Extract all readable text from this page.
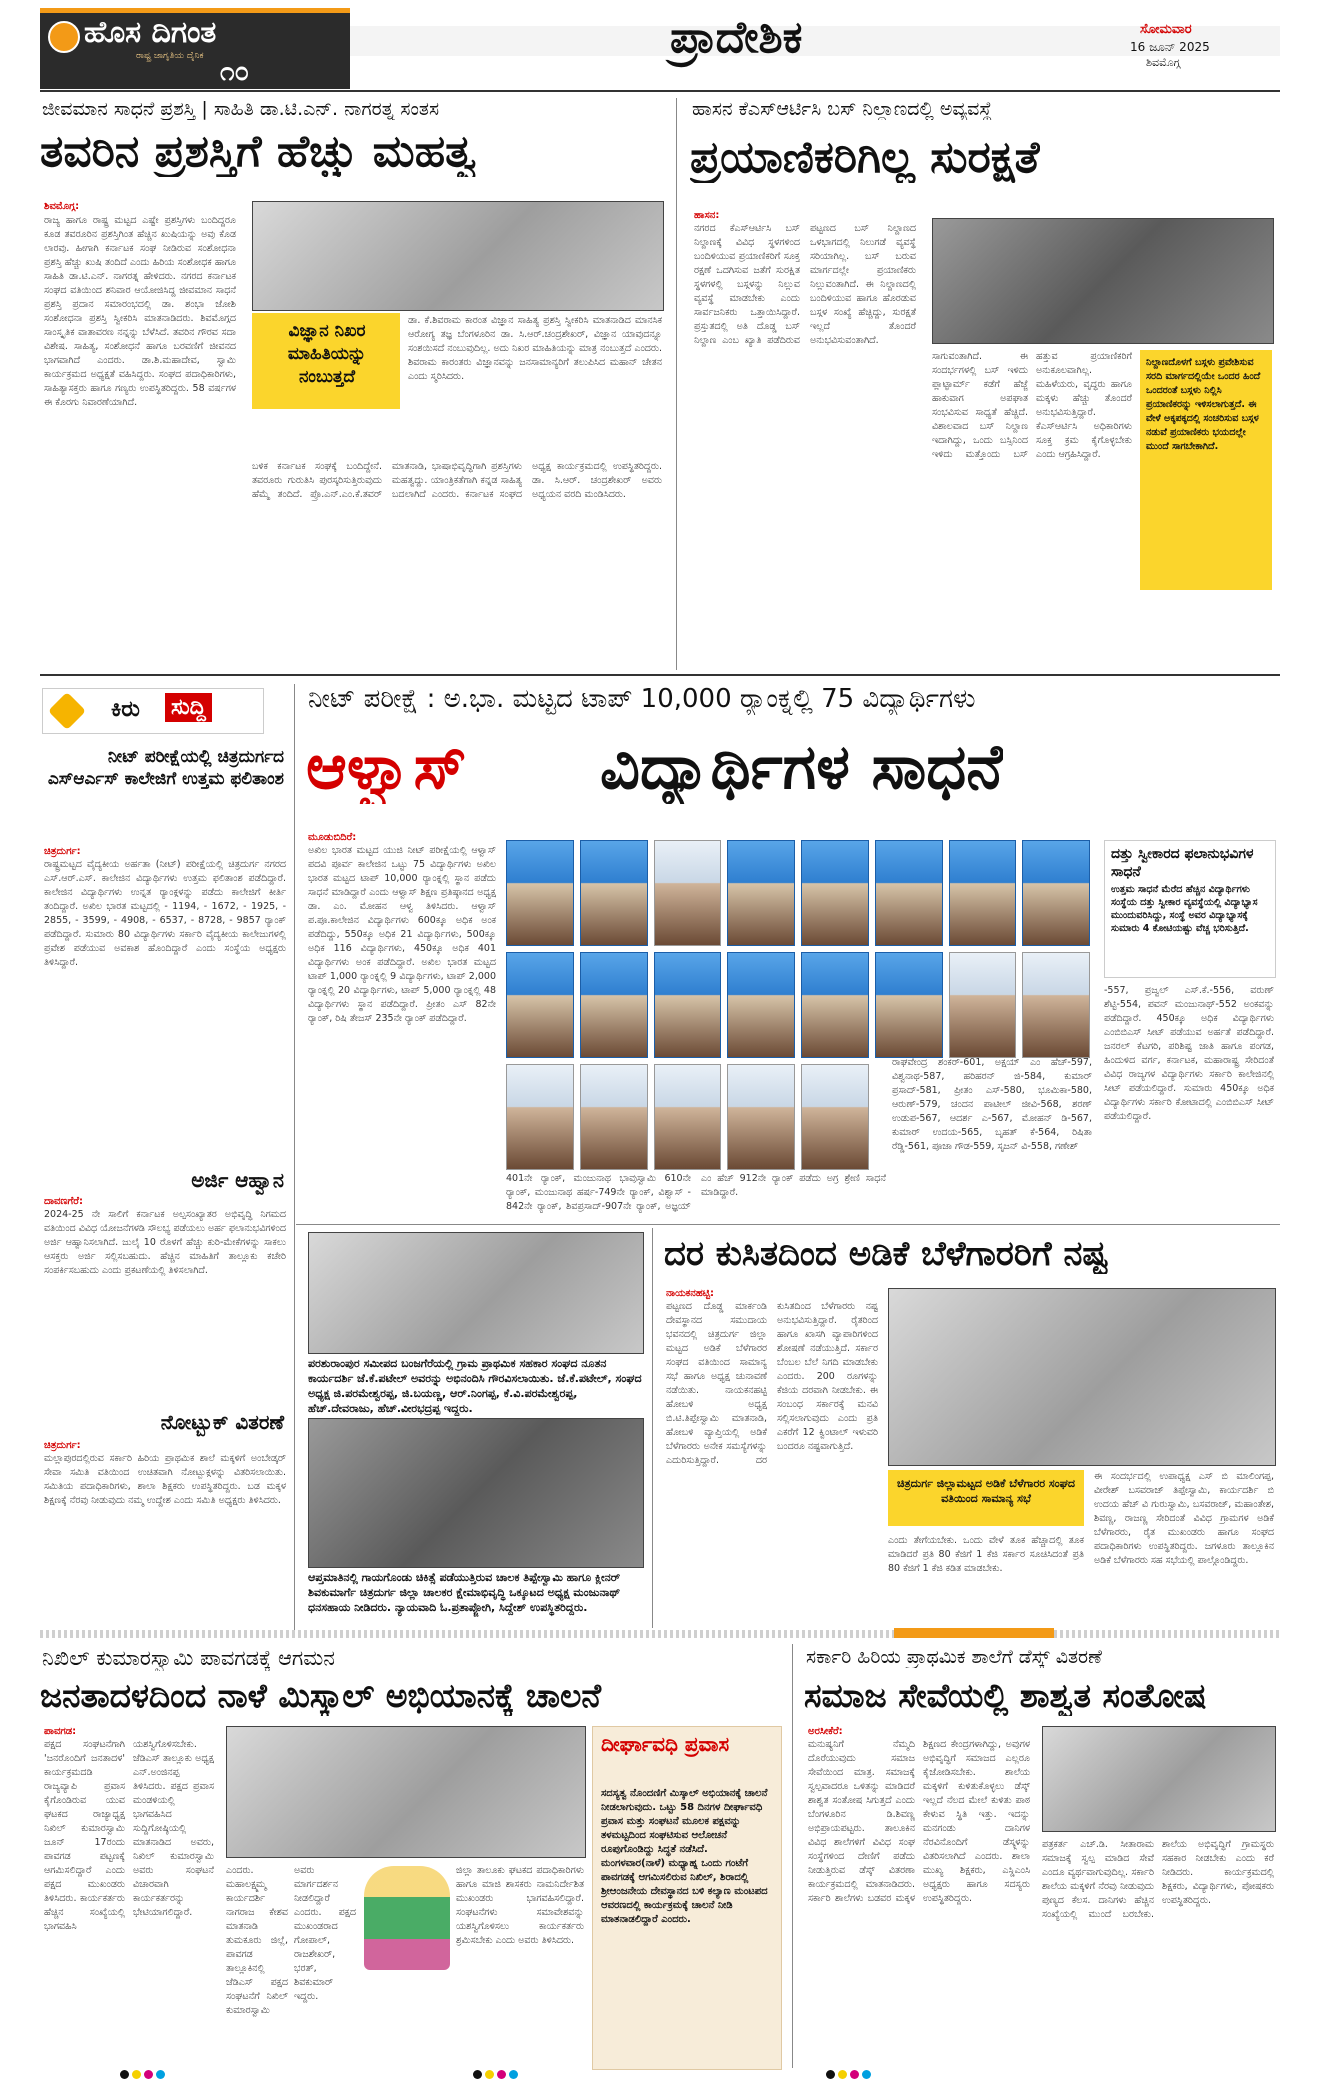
ಹೊಸ ದಿಗಂತ
ರಾಷ್ಟ್ರ ಜಾಗೃತಿಯ ದೈನಿಕ
೧೦
ಪ್ರಾದೇಶಿಕ	ಸೋಮವಾರ
16 ಜೂನ್ 2025
ಶಿವಮೊಗ್ಗ
ಜೀವಮಾನ ಸಾಧನೆ ಪ್ರಶಸ್ತಿ | ಸಾಹಿತಿ ಡಾ.ಟಿ.ಎನ್. ನಾಗರತ್ನ ಸಂತಸ
ತವರಿನ ಪ್ರಶಸ್ತಿಗೆ ಹೆಚ್ಚು ಮಹತ್ವ
ಶಿವಮೊಗ್ಗ:
ರಾಜ್ಯ ಹಾಗೂ ರಾಷ್ಟ್ರ ಮಟ್ಟದ ಎಷ್ಟೇ ಪ್ರಶಸ್ತಿಗಳು ಬಂದಿದ್ದರೂ ಕೂಡ ತವರೂರಿನ ಪ್ರಶಸ್ತಿಗಿಂತ ಹೆಚ್ಚಿನ ಖುಷಿಯನ್ನು ಅವು ಕೊಡ ಲಾರವು. ಹೀಗಾಗಿ ಕರ್ನಾಟಕ ಸಂಘ ನೀಡಿರುವ ಸಂಶೋಧನಾ ಪ್ರಶಸ್ತಿ ಹೆಚ್ಚು ಖುಷಿ ತಂದಿದೆ ಎಂದು ಹಿರಿಯ ಸಂಶೋಧಕ ಹಾಗೂ ಸಾಹಿತಿ ಡಾ.ಟಿ.ಎನ್. ನಾಗರತ್ನ ಹೇಳಿದರು. ನಗರದ ಕರ್ನಾಟಕ ಸಂಘದ ವತಿಯಿಂದ ಶನಿವಾರ ಆಯೋಜಿಸಿದ್ದ ಜೀವಮಾನ ಸಾಧನೆ ಪ್ರಶಸ್ತಿ ಪ್ರದಾನ ಸಮಾರಂಭದಲ್ಲಿ ಡಾ. ಶಂಭಾ ಜೋಶಿ ಸಂಶೋಧನಾ ಪ್ರಶಸ್ತಿ ಸ್ವೀಕರಿಸಿ ಮಾತನಾಡಿದರು. ಶಿವಮೊಗ್ಗದ ಸಾಂಸ್ಕೃತಿಕ ವಾತಾವರಣ ನನ್ನನ್ನು ಬೆಳೆಸಿದೆ. ತವರಿನ ಗೌರವ ಸದಾ ವಿಶೇಷ. ಸಾಹಿತ್ಯ, ಸಂಶೋಧನೆ ಹಾಗೂ ಬರವಣಿಗೆ ಜೀವನದ ಭಾಗವಾಗಿದೆ ಎಂದರು. ಡಾ.ಶಿ.ಮಹಾದೇವ, ಸ್ವಾಮಿ ಕಾರ್ಯಕ್ರಮದ ಅಧ್ಯಕ್ಷತೆ ವಹಿಸಿದ್ದರು. ಸಂಘದ ಪದಾಧಿಕಾರಿಗಳು, ಸಾಹಿತ್ಯಾಸಕ್ತರು ಹಾಗೂ ಗಣ್ಯರು ಉಪಸ್ಥಿತರಿದ್ದರು. 58 ವರ್ಷಗಳ ಈ ಕೊರಗು ನಿವಾರಣೆಯಾಗಿದೆ.
ವಿಜ್ಞಾನ ನಿಖರ ಮಾಹಿತಿಯನ್ನು ನಂಬುತ್ತದೆ
ಡಾ. ಕೆ.ಶಿವರಾಮ ಕಾರಂತ ವಿಜ್ಞಾನ ಸಾಹಿತ್ಯ ಪ್ರಶಸ್ತಿ ಸ್ವೀಕರಿಸಿ ಮಾತನಾಡಿದ ಮಾನಸಿಕ ಆರೋಗ್ಯ ತಜ್ಞ ಬೆಂಗಳೂರಿನ ಡಾ. ಸಿ.ಆರ್.ಚಂದ್ರಶೇಖರ್, ವಿಜ್ಞಾನ ಯಾವುದನ್ನೂ ಸಂಶಯಿಸದೆ ನಂಬುವುದಿಲ್ಲ. ಅದು ನಿಖರ ಮಾಹಿತಿಯನ್ನು ಮಾತ್ರ ನಂಬುತ್ತದೆ ಎಂದರು. ಶಿವರಾಮ ಕಾರಂತರು ವಿಜ್ಞಾನವನ್ನು ಜನಸಾಮಾನ್ಯರಿಗೆ ತಲುಪಿಸಿದ ಮಹಾನ್ ಚೇತನ ಎಂದು ಸ್ಮರಿಸಿದರು.
ಬಳಿಕ ಕರ್ನಾಟಕ ಸಂಘಕ್ಕೆ ಬಂದಿದ್ದೇನೆ. ತವರೂರು ಗುರುತಿಸಿ ಪುರಸ್ಕರಿಸುತ್ತಿರುವುದು ಹೆಮ್ಮೆ ತಂದಿದೆ. ಪ್ರೊ.ಎನ್.ಎಂ.ಕೆ.ತವರ್ ಮಾತನಾಡಿ, ಭಾಷಾಭಿವೃದ್ಧಿಗಾಗಿ ಪ್ರಶಸ್ತಿಗಳು ಮಹತ್ವದ್ದು. ಯಾಂತ್ರಿಕತೆಗಾಗಿ ಕನ್ನಡ ಸಾಹಿತ್ಯ ಬದಲಾಗಿದೆ ಎಂದರು. ಕರ್ನಾಟಕ ಸಂಘದ ಅಧ್ಯಕ್ಷ ಕಾರ್ಯಕ್ರಮದಲ್ಲಿ ಉಪಸ್ಥಿತರಿದ್ದರು. ಡಾ. ಸಿ.ಆರ್. ಚಂದ್ರಶೇಖರ್ ಅವರು ಅಧ್ಯಯನ ವರದಿ ಮಂಡಿಸಿದರು.
ಹಾಸನ ಕೆಎಸ್ಆರ್ಟಿಸಿ ಬಸ್ ನಿಲ್ದಾಣದಲ್ಲಿ ಅವ್ಯವಸ್ಥೆ
ಪ್ರಯಾಣಿಕರಿಗಿಲ್ಲ ಸುರಕ್ಷತೆ
ಹಾಸನ:
ನಗರದ ಕೆಎಸ್ಆರ್ಟಿಸಿ ಬಸ್ ನಿಲ್ದಾಣಕ್ಕೆ ವಿವಿಧ ಸ್ಥಳಗಳಿಂದ ಬಂದಿಳಿಯುವ ಪ್ರಯಾಣಿಕರಿಗೆ ಸೂಕ್ತ ರಕ್ಷಣೆ ಒದಗಿಸುವ ಜತೆಗೆ ಸುರಕ್ಷಿತ ಸ್ಥಳಗಳಲ್ಲಿ ಬಸ್ಗಳನ್ನು ನಿಲ್ಲುವ ವ್ಯವಸ್ಥೆ ಮಾಡಬೇಕು ಎಂದು ಸಾರ್ವಜನಿಕರು ಒತ್ತಾಯಿಸಿದ್ದಾರೆ. ಪ್ರಸ್ತುತದಲ್ಲಿ ಅತಿ ದೊಡ್ಡ ಬಸ್ ನಿಲ್ದಾಣ ಎಂಬ ಖ್ಯಾತಿ ಪಡೆದಿರುವ ಪಟ್ಟಣದ ಬಸ್ ನಿಲ್ದಾಣದ ಒಳಭಾಗದಲ್ಲಿ ನಿಲುಗಡೆ ವ್ಯವಸ್ಥೆ ಸರಿಯಾಗಿಲ್ಲ. ಬಸ್ ಬರುವ ಮಾರ್ಗದಲ್ಲೇ ಪ್ರಯಾಣಿಕರು ನಿಲ್ಲುವಂತಾಗಿದೆ. ಈ ನಿಲ್ದಾಣದಲ್ಲಿ ಬಂದಿಳಿಯುವ ಹಾಗೂ ಹೊರಡುವ ಬಸ್ಗಳ ಸಂಖ್ಯೆ ಹೆಚ್ಚಿದ್ದು, ಸುರಕ್ಷತೆ ಇಲ್ಲದೆ ತೊಂದರೆ ಅನುಭವಿಸುವಂತಾಗಿದೆ.
ಸಾಗುವಂತಾಗಿದೆ. ಈ ಸಂದರ್ಭಗಳಲ್ಲಿ ಬಸ್ ಇಳಿದು ಪ್ಲಾಟ್ಫಾರ್ಮ್ ಕಡೆಗೆ ಹೆಜ್ಜೆ ಹಾಕುವಾಗ ಅಪಘಾತ ಸಂಭವಿಸುವ ಸಾಧ್ಯತೆ ಹೆಚ್ಚಿದೆ. ವಿಶಾಲವಾದ ಬಸ್ ನಿಲ್ದಾಣ ಇದಾಗಿದ್ದು, ಒಂದು ಬಸ್ಸಿನಿಂದ ಇಳಿದು ಮತ್ತೊಂದು ಬಸ್ ಹತ್ತುವ ಪ್ರಯಾಣಿಕರಿಗೆ ಅನುಕೂಲವಾಗಿಲ್ಲ. ಮಹಿಳೆಯರು, ವೃದ್ಧರು ಹಾಗೂ ಮಕ್ಕಳು ಹೆಚ್ಚು ತೊಂದರೆ ಅನುಭವಿಸುತ್ತಿದ್ದಾರೆ. ಕೆಎಸ್ಆರ್ಟಿಸಿ ಅಧಿಕಾರಿಗಳು ಸೂಕ್ತ ಕ್ರಮ ಕೈಗೊಳ್ಳಬೇಕು ಎಂದು ಆಗ್ರಹಿಸಿದ್ದಾರೆ.
ನಿಲ್ದಾಣದೊಳಗೆ ಬಸ್ಗಳು ಪ್ರವೇಶಿಸುವ ಸರದಿ ಮಾರ್ಗದಲ್ಲಿಯೇ ಒಂದರ ಹಿಂದೆ ಒಂದರಂತೆ ಬಸ್ಗಳು ನಿಲ್ಲಿಸಿ ಪ್ರಯಾಣಿಕರನ್ನು ಇಳಿಸಲಾಗುತ್ತದೆ. ಈ ವೇಳೆ ಅಕ್ಕಪಕ್ಕದಲ್ಲಿ ಸಂಚರಿಸುವ ಬಸ್ಗಳ ನಡುವೆ ಪ್ರಯಾಣಿಕರು ಭಯದಲ್ಲೇ ಮುಂದೆ ಸಾಗಬೇಕಾಗಿದೆ.
ಕಿರು ಸುದ್ದಿ
ನೀಟ್ ಪರೀಕ್ಷೆಯಲ್ಲಿ ಚಿತ್ರದುರ್ಗದ ಎಸ್ಆರ್ಎಸ್ ಕಾಲೇಜಿಗೆ ಉತ್ತಮ ಫಲಿತಾಂಶ
ಚಿತ್ರದುರ್ಗ:
ರಾಷ್ಟ್ರಮಟ್ಟದ ವೈದ್ಯಕೀಯ ಅರ್ಹತಾ (ನೀಟ್) ಪರೀಕ್ಷೆಯಲ್ಲಿ ಚಿತ್ರದುರ್ಗ ನಗರದ ಎಸ್.ಆರ್.ಎಸ್. ಕಾಲೇಜಿನ ವಿದ್ಯಾರ್ಥಿಗಳು ಉತ್ತಮ ಫಲಿತಾಂಶ ಪಡೆದಿದ್ದಾರೆ. ಕಾಲೇಜಿನ ವಿದ್ಯಾರ್ಥಿಗಳು ಉನ್ನತ ರ‍್ಯಾಂಕ್ಗಳನ್ನು ಪಡೆದು ಕಾಲೇಜಿಗೆ ಕೀರ್ತಿ ತಂದಿದ್ದಾರೆ. ಅಖಿಲ ಭಾರತ ಮಟ್ಟದಲ್ಲಿ - 1194, - 1672, - 1925, - 2855, - 3599, - 4908, - 6537, - 8728, - 9857 ರ‍್ಯಾಂಕ್ ಪಡೆದಿದ್ದಾರೆ. ಸುಮಾರು 80 ವಿದ್ಯಾರ್ಥಿಗಳು ಸರ್ಕಾರಿ ವೈದ್ಯಕೀಯ ಕಾಲೇಜುಗಳಲ್ಲಿ ಪ್ರವೇಶ ಪಡೆಯುವ ಅವಕಾಶ ಹೊಂದಿದ್ದಾರೆ ಎಂದು ಸಂಸ್ಥೆಯ ಅಧ್ಯಕ್ಷರು ತಿಳಿಸಿದ್ದಾರೆ.
ಅರ್ಜಿ ಆಹ್ವಾನ
ದಾವಣಗೆರೆ:
2024-25 ನೇ ಸಾಲಿಗೆ ಕರ್ನಾಟಕ ಅಲ್ಪಸಂಖ್ಯಾತರ ಅಭಿವೃದ್ಧಿ ನಿಗಮದ ವತಿಯಿಂದ ವಿವಿಧ ಯೋಜನೆಗಳಡಿ ಸೌಲಭ್ಯ ಪಡೆಯಲು ಅರ್ಹ ಫಲಾನುಭವಿಗಳಿಂದ ಅರ್ಜಿ ಆಹ್ವಾನಿಸಲಾಗಿದೆ. ಜುಲೈ 10 ರೊಳಗೆ ಹೆಚ್ಚು ಕುರಿ-ಮೇಕೆಗಳನ್ನು ಸಾಕಲು ಆಸಕ್ತರು ಅರ್ಜಿ ಸಲ್ಲಿಸಬಹುದು. ಹೆಚ್ಚಿನ ಮಾಹಿತಿಗೆ ತಾಲ್ಲೂಕು ಕಚೇರಿ ಸಂಪರ್ಕಿಸಬಹುದು ಎಂದು ಪ್ರಕಟಣೆಯಲ್ಲಿ ತಿಳಿಸಲಾಗಿದೆ.
ನೋಟ್ಬುಕ್ ವಿತರಣೆ
ಚಿತ್ರದುರ್ಗ:
ಮಲ್ಲಾಪುರದಲ್ಲಿರುವ ಸರ್ಕಾರಿ ಹಿರಿಯ ಪ್ರಾಥಮಿಕ ಶಾಲೆ ಮಕ್ಕಳಿಗೆ ಅಂಬೇಡ್ಕರ್ ಸೇವಾ ಸಮಿತಿ ವತಿಯಿಂದ ಉಚಿತವಾಗಿ ನೋಟ್ಬುಕ್ಗಳನ್ನು ವಿತರಿಸಲಾಯಿತು. ಸಮಿತಿಯ ಪದಾಧಿಕಾರಿಗಳು, ಶಾಲಾ ಶಿಕ್ಷಕರು ಉಪಸ್ಥಿತರಿದ್ದರು. ಬಡ ಮಕ್ಕಳ ಶಿಕ್ಷಣಕ್ಕೆ ನೆರವು ನೀಡುವುದು ನಮ್ಮ ಉದ್ದೇಶ ಎಂದು ಸಮಿತಿ ಅಧ್ಯಕ್ಷರು ತಿಳಿಸಿದರು.
ನೀಟ್ ಪರೀಕ್ಷೆ : ಅ.ಭಾ. ಮಟ್ಟದ ಟಾಪ್ 10,000 ರ‍್ಯಾಂಕ್ನಲ್ಲಿ 75 ವಿದ್ಯಾರ್ಥಿಗಳು
ಆಳ್ವಾಸ್ ವಿದ್ಯಾರ್ಥಿಗಳ ಸಾಧನೆ
ಮೂಡುಬಿದಿರೆ:
ಅಖಿಲ ಭಾರತ ಮಟ್ಟದ ಯುಜಿ ನೀಟ್ ಪರೀಕ್ಷೆಯಲ್ಲಿ ಆಳ್ವಾಸ್ ಪದವಿ ಪೂರ್ವ ಕಾಲೇಜಿನ ಒಟ್ಟು 75 ವಿದ್ಯಾರ್ಥಿಗಳು ಅಖಿಲ ಭಾರತ ಮಟ್ಟದ ಟಾಪ್ 10,000 ರ‍್ಯಾಂಕ್ನಲ್ಲಿ ಸ್ಥಾನ ಪಡೆದು ಸಾಧನೆ ಮಾಡಿದ್ದಾರೆ ಎಂದು ಆಳ್ವಾಸ್ ಶಿಕ್ಷಣ ಪ್ರತಿಷ್ಠಾನದ ಅಧ್ಯಕ್ಷ ಡಾ. ಎಂ. ಮೋಹನ ಆಳ್ವ ತಿಳಿಸಿದರು. ಆಳ್ವಾಸ್ ಪ.ಪೂ.ಕಾಲೇಜಿನ ವಿದ್ಯಾರ್ಥಿಗಳು 600ಕ್ಕೂ ಅಧಿಕ ಅಂಕ ಪಡೆದಿದ್ದು, 550ಕ್ಕೂ ಅಧಿಕ 21 ವಿದ್ಯಾರ್ಥಿಗಳು, 500ಕ್ಕೂ ಅಧಿಕ 116 ವಿದ್ಯಾರ್ಥಿಗಳು, 450ಕ್ಕೂ ಅಧಿಕ 401 ವಿದ್ಯಾರ್ಥಿಗಳು ಅಂಕ ಪಡೆದಿದ್ದಾರೆ. ಅಖಿಲ ಭಾರತ ಮಟ್ಟದ ಟಾಪ್ 1,000 ರ‍್ಯಾಂಕ್ನಲ್ಲಿ 9 ವಿದ್ಯಾರ್ಥಿಗಳು, ಟಾಪ್ 2,000 ರ‍್ಯಾಂಕ್ನಲ್ಲಿ 20 ವಿದ್ಯಾರ್ಥಿಗಳು, ಟಾಪ್ 5,000 ರ‍್ಯಾಂಕ್ನಲ್ಲಿ 48 ವಿದ್ಯಾರ್ಥಿಗಳು ಸ್ಥಾನ ಪಡೆದಿದ್ದಾರೆ. ಪ್ರೀತಂ ಎಸ್ 82ನೇ ರ‍್ಯಾಂಕ್, ರಿಷಿ ತೇಜಸ್ 235ನೇ ರ‍್ಯಾಂಕ್ ಪಡೆದಿದ್ದಾರೆ.
401ನೇ ರ‍್ಯಾಂಕ್, ಮಂಜುನಾಥ ಭಾವುಸ್ವಾಮಿ 610ನೇ ರ‍್ಯಾಂಕ್, ಮಂಜುನಾಥ ಹರ್ಷ-749ನೇ ರ‍್ಯಾಂಕ್, ವಿಶ್ವಾಸ್ - 842ನೇ ರ‍್ಯಾಂಕ್, ಶಿವಪ್ರಸಾದ್-907ನೇ ರ‍್ಯಾಂಕ್, ಅಜ್ಞಯ್ ಎಂ ಹೆಚ್ 912ನೇ ರ‍್ಯಾಂಕ್ ಪಡೆದು ಅಗ್ರ ಶ್ರೇಣಿ ಸಾಧನೆ ಮಾಡಿದ್ದಾರೆ.
ರಾಘವೇಂದ್ರ ಶಂಕರ್-601, ಅಕ್ಷಯ್ ಎಂ ಹೆಚ್-597, ವಿಶ್ವನಾಥ-587, ಹರಿಹರನ್ ಜಿ-584, ಕುಮಾರ್ ಪ್ರಸಾದ್-581, ಪ್ರೀತಂ ಎಸ್-580, ಭೂಮಿಕಾ-580, ಆರುಣ್-579, ಚಂದನ ಪಾಟೀಲ್ ಜೀವಿ-568, ಶರಣ್ ಉಡುಪ-567, ಆದರ್ಶ ಎ-567, ಮೋಹನ್ ಡಿ-567, ಕುಮಾರ್ ಉದಯ-565, ಬೃಹತ್ ಕೆ-564, ರಿಷಿತಾ ರೆಡ್ಡಿ-561, ಪೂಜಾ ಗೌಡ-559, ಸೃಜನ್ ವಿ-558, ಗಣೇಶ್
ದತ್ತು ಸ್ವೀಕಾರದ ಫಲಾನುಭವಿಗಳ ಸಾಧನೆ
ಉತ್ತಮ ಸಾಧನೆ ಮೆರೆದ ಹೆಚ್ಚಿನ ವಿದ್ಯಾರ್ಥಿಗಳು ಸಂಸ್ಥೆಯ ದತ್ತು ಸ್ವೀಕಾರ ವ್ಯವಸ್ಥೆಯಲ್ಲಿ ವಿದ್ಯಾಭ್ಯಾಸ ಮುಂದುವರಿಸಿದ್ದು, ಸಂಸ್ಥೆ ಅವರ ವಿದ್ಯಾಭ್ಯಾಸಕ್ಕೆ ಸುಮಾರು 4 ಕೋಟಿಯಷ್ಟು ವೆಚ್ಚ ಭರಿಸುತ್ತಿದೆ.
-557, ಪ್ರಜ್ವಲ್ ಎಸ್.ಕೆ.-556, ವರುಣ್ ಶೆಟ್ಟಿ-554, ಪವನ್ ಮಂಜುನಾಥ್-552 ಅಂಕವನ್ನು ಪಡೆದಿದ್ದಾರೆ. 450ಕ್ಕೂ ಅಧಿಕ ವಿದ್ಯಾರ್ಥಿಗಳು ಎಂಬಿಬಿಎಸ್ ಸೀಟ್ ಪಡೆಯುವ ಅರ್ಹತೆ ಪಡೆದಿದ್ದಾರೆ. ಜನರಲ್ ಕೆಟಗರಿ, ಪರಿಶಿಷ್ಟ ಜಾತಿ ಹಾಗೂ ಪಂಗಡ, ಹಿಂದುಳಿದ ವರ್ಗ, ಕರ್ನಾಟಕ, ಮಹಾರಾಷ್ಟ್ರ ಸೇರಿದಂತೆ ವಿವಿಧ ರಾಜ್ಯಗಳ ವಿದ್ಯಾರ್ಥಿಗಳು ಸರ್ಕಾರಿ ಕಾಲೇಜಿನಲ್ಲಿ ಸೀಟ್ ಪಡೆಯಲಿದ್ದಾರೆ. ಸುಮಾರು 450ಕ್ಕೂ ಅಧಿಕ ವಿದ್ಯಾರ್ಥಿಗಳು ಸರ್ಕಾರಿ ಕೋಟಾದಲ್ಲಿ ಎಂಬಿಬಿಎಸ್ ಸೀಟ್ ಪಡೆಯಲಿದ್ದಾರೆ.
ಪರಶುರಾಂಪುರ ಸಮೀಪದ ಬಂಜಗೆರೆಯಲ್ಲಿ ಗ್ರಾಮ ಪ್ರಾಥಮಿಕ ಸಹಕಾರ ಸಂಘದ ನೂತನ ಕಾರ್ಯದರ್ಶಿ ಜೆ.ಕೆ.ಪಟೇಲ್ ಅವರನ್ನು ಅಭಿನಂದಿಸಿ ಗೌರವಿಸಲಾಯಿತು. ಜೆ.ಕೆ.ಪಟೇಲ್, ಸಂಘದ ಅಧ್ಯಕ್ಷ ಜಿ.ಪರಮೇಶ್ವರಪ್ಪ, ಜಿ.ಬಯಣ್ಣ, ಆರ್.ನಿಂಗಪ್ಪ, ಕೆ.ವಿ.ಪರಮೇಶ್ವರಪ್ಪ, ಹೆಚ್.ದೇವರಾಜು, ಹೆಚ್.ವೀರಭದ್ರಪ್ಪ ಇದ್ದರು.
ಆಪ್ತಮಾತಿನಲ್ಲಿ ಗಾಯಗೊಂಡು ಚಿಕಿತ್ಸೆ ಪಡೆಯುತ್ತಿರುವ ಚಾಲಕ ತಿಪ್ಪೇಸ್ವಾಮಿ ಹಾಗೂ ಕ್ಲೀನರ್ ಶಿವಕುಮಾರ್ಗೆ ಚಿತ್ರದುರ್ಗ ಜಿಲ್ಲಾ ಚಾಲಕರ ಕ್ಷೇಮಾಭಿವೃದ್ಧಿ ಒಕ್ಕೂಟದ ಅಧ್ಯಕ್ಷ ಮಂಜುನಾಥ್ ಧನಸಹಾಯ ನೀಡಿದರು. ನ್ಯಾಯವಾದಿ ಓ.ಪ್ರತಾಪ್ಜೋಗಿ, ಸಿದ್ದೇಶ್ ಉಪಸ್ಥಿತರಿದ್ದರು.
ದರ ಕುಸಿತದಿಂದ ಅಡಿಕೆ ಬೆಳೆಗಾರರಿಗೆ ನಷ್ಟ
ನಾಯಕನಹಟ್ಟಿ:
ಪಟ್ಟಣದ ದೊಡ್ಡ ಮಾರ್ಕಂಡಿ ದೇವಸ್ಥಾನದ ಸಮುದಾಯ ಭವನದಲ್ಲಿ ಚಿತ್ರದುರ್ಗ ಜಿಲ್ಲಾ ಮಟ್ಟದ ಅಡಿಕೆ ಬೆಳೆಗಾರರ ಸಂಘದ ವತಿಯಿಂದ ಸಾಮಾನ್ಯ ಸಭೆ ಹಾಗೂ ಅಧ್ಯಕ್ಷ ಚುನಾವಣೆ ನಡೆಯಿತು. ನಾಯಕನಹಟ್ಟಿ ಹೋಬಳಿ ಅಧ್ಯಕ್ಷ ಬಿ.ಟಿ.ತಿಪ್ಪೇಸ್ವಾಮಿ ಮಾತನಾಡಿ, ಹೋಬಳಿ ವ್ಯಾಪ್ತಿಯಲ್ಲಿ ಅಡಿಕೆ ಬೆಳೆಗಾರರು ಅನೇಕ ಸಮಸ್ಯೆಗಳನ್ನು ಎದುರಿಸುತ್ತಿದ್ದಾರೆ. ದರ ಕುಸಿತದಿಂದ ಬೆಳೆಗಾರರು ನಷ್ಟ ಅನುಭವಿಸುತ್ತಿದ್ದಾರೆ. ರೈತರಿಂದ ಹಾಗೂ ಖಾಸಗಿ ವ್ಯಾಪಾರಿಗಳಿಂದ ಶೋಷಣೆ ನಡೆಯುತ್ತಿದೆ. ಸರ್ಕಾರ ಬೆಂಬಲ ಬೆಲೆ ನಿಗದಿ ಮಾಡಬೇಕು ಎಂದರು. 200 ರೂಗಳನ್ನು ಕೆಜಿಯ ದರವಾಗಿ ನೀಡಬೇಕು. ಈ ಸಂಬಂಧ ಸರ್ಕಾರಕ್ಕೆ ಮನವಿ ಸಲ್ಲಿಸಲಾಗುವುದು ಎಂದು ಪ್ರತಿ ಎಕರೆಗೆ 12 ಕ್ವಿಂಟಾಲ್ ಇಳುವರಿ ಬಂದರೂ ನಷ್ಟವಾಗುತ್ತಿದೆ.
ಚಿತ್ರದುರ್ಗ ಜಿಲ್ಲಾಮಟ್ಟದ ಅಡಿಕೆ ಬೆಳೆಗಾರರ ಸಂಘದ ವತಿಯಿಂದ ಸಾಮಾನ್ಯ ಸಭೆ
ಎಂದು ತೇಗೆಯಬೇಕು. ಒಂದು ವೇಳೆ ತೂಕ ಹೆಚ್ಚಾದಲ್ಲಿ ತೂಕ ಮಾಡಿದರೆ ಪ್ರತಿ 80 ಕೆಜಿಗೆ 1 ಕೆಜಿ ಸರ್ಕಾರ ಸೂಚಿಸಿದಂತೆ ಪ್ರತಿ 80 ಕೆಜಿಗೆ 1 ಕೆಜಿ ಕಡಿತ ಮಾಡಬೇಕು.
ಈ ಸಂದರ್ಭದಲ್ಲಿ ಉಪಾಧ್ಯಕ್ಷ ಎಸ್ ಬಿ ಮಾಲಿಂಗಪ್ಪ, ವೀರೇಶ್ ಬಸವರಾಜ್ ತಿಪ್ಪೇಸ್ವಾಮಿ, ಕಾರ್ಯದರ್ಶಿ ಬಿ ಉದಯ ಹೆಚ್ ವಿ ಗುರುಸ್ವಾಮಿ, ಬಸವರಾಜ್, ಮಹಾಂತೇಶ, ಶಿವಣ್ಣ, ರಾಜಣ್ಣ ಸೇರಿದಂತೆ ವಿವಿಧ ಗ್ರಾಮಗಳ ಅಡಿಕೆ ಬೆಳೆಗಾರರು, ರೈತ ಮುಖಂಡರು ಹಾಗೂ ಸಂಘದ ಪದಾಧಿಕಾರಿಗಳು ಉಪಸ್ಥಿತರಿದ್ದರು. ಜಗಳೂರು ತಾಲ್ಲೂಕಿನ ಅಡಿಕೆ ಬೆಳೆಗಾರರು ಸಹ ಸಭೆಯಲ್ಲಿ ಪಾಲ್ಗೊಂಡಿದ್ದರು.
ನಿಖಿಲ್ ಕುಮಾರಸ್ವಾಮಿ ಪಾವಗಡಕ್ಕೆ ಆಗಮನ
ಜನತಾದಳದಿಂದ ನಾಳೆ ಮಿಸ್ಕಾಲ್ ಅಭಿಯಾನಕ್ಕೆ ಚಾಲನೆ
ಪಾವಗಡ:
ಪಕ್ಷದ ಸಂಘಟನೆಗಾಗಿ 'ಜನರೊಂದಿಗೆ ಜನತಾದಳ' ಕಾರ್ಯಕ್ರಮದಡಿ ರಾಜ್ಯವ್ಯಾಪಿ ಪ್ರವಾಸ ಕೈಗೊಂಡಿರುವ ಯುವ ಘಟಕದ ರಾಜ್ಯಾಧ್ಯಕ್ಷ ನಿಖಿಲ್ ಕುಮಾರಸ್ವಾಮಿ ಜೂನ್ 17ರಂದು ಪಾವಗಡ ಪಟ್ಟಣಕ್ಕೆ ಆಗಮಿಸಲಿದ್ದಾರೆ ಎಂದು ಪಕ್ಷದ ಮುಖಂಡರು ತಿಳಿಸಿದರು. ಕಾರ್ಯಕರ್ತರು ಹೆಚ್ಚಿನ ಸಂಖ್ಯೆಯಲ್ಲಿ ಭಾಗವಹಿಸಿ ಯಶಸ್ವಿಗೊಳಿಸಬೇಕು. ಜೆಡಿಎಸ್ ತಾಲ್ಲೂಕು ಅಧ್ಯಕ್ಷ ಎನ್.ಅಂಜಿನಪ್ಪ ತಿಳಿಸಿದರು. ಪಕ್ಷದ ಪ್ರವಾಸ ಮಂಡಳಿಯಲ್ಲಿ ಭಾಗವಹಿಸಿದ ಸುದ್ದಿಗೋಷ್ಠಿಯಲ್ಲಿ ಮಾತನಾಡಿದ ಅವರು, ನಿಖಿಲ್ ಕುಮಾರಸ್ವಾಮಿ ಅವರು ಸಂಘಟನೆ ವಿಚಾರವಾಗಿ ಕಾರ್ಯಕರ್ತರನ್ನು ಭೇಟಿಯಾಗಲಿದ್ದಾರೆ.
ಎಂದರು. ಮಹಾಲಕ್ಷ್ಮಮ್ಮ ಕಾರ್ಯದರ್ಶಿ ನಾಗರಾಜ ಕೇಶವ ಮಾತನಾಡಿ ತುಮಕೂರು ಜಿಲ್ಲೆ, ಪಾವಗಡ ತಾಲ್ಲೂಕಿನಲ್ಲಿ ಜೆಡಿಎಸ್ ಪಕ್ಷದ ಸಂಘಟನೆಗೆ ನಿಖಿಲ್ ಕುಮಾರಸ್ವಾಮಿ ಅವರು ಮಾರ್ಗದರ್ಶನ ನೀಡಲಿದ್ದಾರೆ ಎಂದರು. ಪಕ್ಷದ ಮುಖಂಡರಾದ ಗೋಪಾಲ್, ರಾಜಶೇಖರ್, ಭರತ್, ಶಿವಕುಮಾರ್ ಇದ್ದರು.
ಜಿಲ್ಲಾ ತಾಲೂಕು ಘಟಕದ ಪದಾಧಿಕಾರಿಗಳು ಹಾಗೂ ಮಾಜಿ ಶಾಸಕರು ನಾಮನಿರ್ದೇಶಿತ ಮುಖಂಡರು ಭಾಗವಹಿಸಲಿದ್ದಾರೆ. ಸಂಘಟನೆಗಳು ಸಮಾವೇಶವನ್ನು ಯಶಸ್ವಿಗೊಳಿಸಲು ಕಾರ್ಯಕರ್ತರು ಶ್ರಮಿಸಬೇಕು ಎಂದು ಅವರು ತಿಳಿಸಿದರು.
ದೀರ್ಘಾವಧಿ ಪ್ರವಾಸ
ಸದಸ್ಯತ್ವ ನೊಂದಣಿಗೆ ಮಿಸ್ಕಾಲ್ ಅಭಿಯಾನಕ್ಕೆ ಚಾಲನೆ ನೀಡಲಾಗುವುದು. ಒಟ್ಟು 58 ದಿನಗಳ ದೀರ್ಘಾವಧಿ ಪ್ರವಾಸ ಮತ್ತು ಸಂಘಟನೆ ಮೂಲಕ ಪಕ್ಷವನ್ನು ತಳಮಟ್ಟದಿಂದ ಸಂಘಟಿಸುವ ಆಲೋಚನೆ ರೂಪುಗೊಂಡಿದ್ದು ಸಿದ್ಧತೆ ನಡೆಸಿದೆ. ಮಂಗಳವಾರ(ನಾಳೆ) ಮಧ್ಯಾಹ್ನ ಒಂದು ಗಂಟೆಗೆ ಪಾವಗಡಕ್ಕೆ ಆಗಮಿಸಲಿರುವ ನಿಖಿಲ್, ಶಿರಾದಲ್ಲಿ ಶ್ರೀಆಂಜನೇಯ ದೇವಸ್ಥಾನದ ಬಳಿ ಕಲ್ಯಾಣ ಮಂಟಪದ ಆವರಣದಲ್ಲಿ ಕಾರ್ಯಕ್ರಮಕ್ಕೆ ಚಾಲನೆ ನೀಡಿ ಮಾತನಾಡಲಿದ್ದಾರೆ ಎಂದರು.
ಸರ್ಕಾರಿ ಹಿರಿಯ ಪ್ರಾಥಮಿಕ ಶಾಲೆಗೆ ಡೆಸ್ಕ್ ವಿತರಣೆ
ಸಮಾಜ ಸೇವೆಯಲ್ಲಿ ಶಾಶ್ವತ ಸಂತೋಷ
ಅರಸೀಕೆರೆ:
ಮನುಷ್ಯನಿಗೆ ನೆಮ್ಮದಿ ದೊರೆಯುವುದು ಸಮಾಜ ಸೇವೆಯಿಂದ ಮಾತ್ರ. ಸಮಾಜಕ್ಕೆ ಸ್ವಲ್ಪವಾದರೂ ಒಳಿತನ್ನು ಮಾಡಿದರೆ ಶಾಶ್ವತ ಸಂತೋಷ ಸಿಗುತ್ತದೆ ಎಂದು ಬೆಂಗಳೂರಿನ ಡಿ.ಶಿವಣ್ಣ ಅಭಿಪ್ರಾಯಪಟ್ಟರು. ತಾಲೂಕಿನ ವಿವಿಧ ಶಾಲೆಗಳಿಗೆ ವಿವಿಧ ಸಂಘ ಸಂಸ್ಥೆಗಳಿಂದ ದೇಣಿಗೆ ಪಡೆದು ನೀಡುತ್ತಿರುವ ಡೆಸ್ಕ್ ವಿತರಣಾ ಕಾರ್ಯಕ್ರಮದಲ್ಲಿ ಮಾತನಾಡಿದರು. ಸರ್ಕಾರಿ ಶಾಲೆಗಳು ಬಡವರ ಮಕ್ಕಳ ಶಿಕ್ಷಣದ ಕೇಂದ್ರಗಳಾಗಿದ್ದು, ಅವುಗಳ ಅಭಿವೃದ್ಧಿಗೆ ಸಮಾಜದ ಎಲ್ಲರೂ ಕೈಜೋಡಿಸಬೇಕು. ಶಾಲೆಯ ಮಕ್ಕಳಿಗೆ ಕುಳಿತುಕೊಳ್ಳಲು ಡೆಸ್ಕ್ ಇಲ್ಲದೆ ನೆಲದ ಮೇಲೆ ಕುಳಿತು ಪಾಠ ಕೇಳುವ ಸ್ಥಿತಿ ಇತ್ತು. ಇದನ್ನು ಮನಗಂಡು ದಾನಿಗಳ ನೆರವಿನೊಂದಿಗೆ ಡೆಸ್ಕ್ಗಳನ್ನು ವಿತರಿಸಲಾಗಿದೆ ಎಂದರು. ಶಾಲಾ ಮುಖ್ಯ ಶಿಕ್ಷಕರು, ಎಸ್ಡಿಎಂಸಿ ಅಧ್ಯಕ್ಷರು ಹಾಗೂ ಸದಸ್ಯರು ಉಪಸ್ಥಿತರಿದ್ದರು.
ಪತ್ರಕರ್ತ ಎಚ್.ಡಿ. ಸೀತಾರಾಮ ಸಮಾಜಕ್ಕೆ ಸ್ವಲ್ಪ ಮಾಡಿದ ಸೇವೆ ಎಂದೂ ವ್ಯರ್ಥವಾಗುವುದಿಲ್ಲ. ಸರ್ಕಾರಿ ಶಾಲೆಯ ಮಕ್ಕಳಿಗೆ ನೆರವು ನೀಡುವುದು ಪುಣ್ಯದ ಕೆಲಸ. ದಾನಿಗಳು ಹೆಚ್ಚಿನ ಸಂಖ್ಯೆಯಲ್ಲಿ ಮುಂದೆ ಬರಬೇಕು. ಶಾಲೆಯ ಅಭಿವೃದ್ಧಿಗೆ ಗ್ರಾಮಸ್ಥರು ಸಹಕಾರ ನೀಡಬೇಕು ಎಂದು ಕರೆ ನೀಡಿದರು. ಕಾರ್ಯಕ್ರಮದಲ್ಲಿ ಶಿಕ್ಷಕರು, ವಿದ್ಯಾರ್ಥಿಗಳು, ಪೋಷಕರು ಉಪಸ್ಥಿತರಿದ್ದರು.
